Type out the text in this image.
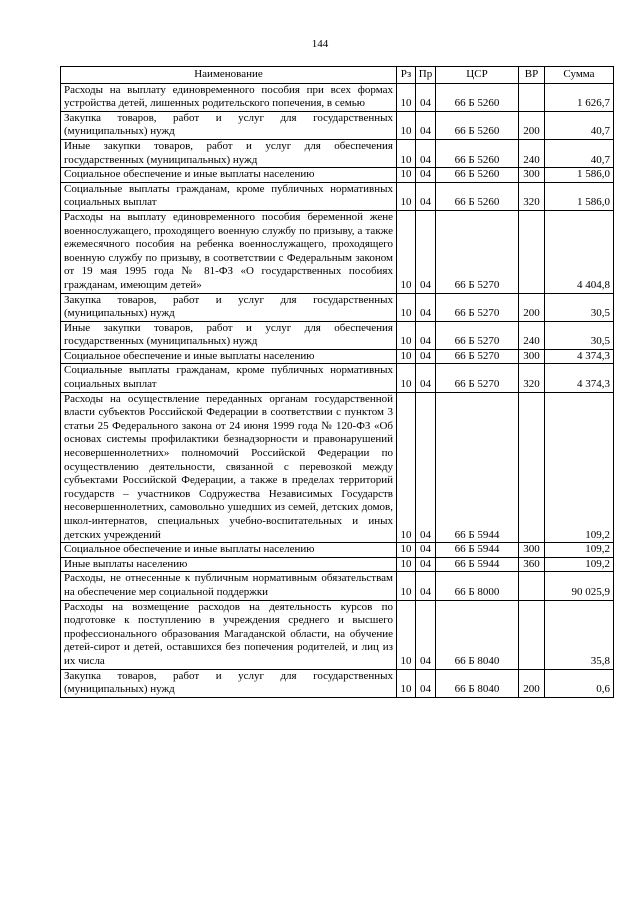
144
Наименование	Рз	Пр	ЦСР	ВР	Сумма
Расходы на выплату единовременного пособия при всех формах устройства детей, лишенных родительского попечения, в семью	10	04	66 Б 5260		1 626,7
Закупка товаров, работ и услуг для государственных (муниципальных) нужд	10	04	66 Б 5260	200	40,7
Иные закупки товаров, работ и услуг для обеспечения государственных (муниципальных) нужд	10	04	66 Б 5260	240	40,7
Социальное обеспечение и иные выплаты населению	10	04	66 Б 5260	300	1 586,0
Социальные выплаты гражданам, кроме публичных нормативных социальных выплат	10	04	66 Б 5260	320	1 586,0
Расходы на выплату единовременного пособия беременной жене военнослужащего, проходящего военную службу по призыву, а также ежемесячного пособия на ребенка военнослужащего, проходящего военную службу по призыву, в соответствии с Федеральным законом от 19 мая 1995 года № 81-ФЗ «О государственных пособиях гражданам, имеющим детей»	10	04	66 Б 5270		4 404,8
Закупка товаров, работ и услуг для государственных (муниципальных) нужд	10	04	66 Б 5270	200	30,5
Иные закупки товаров, работ и услуг для обеспечения государственных (муниципальных) нужд	10	04	66 Б 5270	240	30,5
Социальное обеспечение и иные выплаты населению	10	04	66 Б 5270	300	4 374,3
Социальные выплаты гражданам, кроме публичных нормативных социальных выплат	10	04	66 Б 5270	320	4 374,3
Расходы на осуществление переданных органам государственной власти субъектов Российской Федерации в соответствии с пунктом 3 статьи 25 Федерального закона от 24 июня 1999 года № 120-ФЗ «Об основах системы профилактики безнадзорности и правонарушений несовершеннолетних» полномочий Российской Федерации по осуществлению деятельности, связанной с перевозкой между субъектами Российской Федерации, а также в пределах территорий государств – участников Содружества Независимых Государств несовершеннолетних, самовольно ушедших из семей, детских домов, школ-интернатов, специальных учебно-воспитательных и иных детских учреждений	10	04	66 Б 5944		109,2
Социальное обеспечение и иные выплаты населению	10	04	66 Б 5944	300	109,2
Иные выплаты населению	10	04	66 Б 5944	360	109,2
Расходы, не отнесенные к публичным нормативным обязательствам на обеспечение мер социальной поддержки	10	04	66 Б 8000		90 025,9
Расходы на возмещение расходов на деятельность курсов по подготовке к поступлению в учреждения среднего и высшего профессионального образования Магаданской области, на обучение детей-сирот и детей, оставшихся без попечения родителей, и лиц из их числа	10	04	66 Б 8040		35,8
Закупка товаров, работ и услуг для государственных (муниципальных) нужд	10	04	66 Б 8040	200	0,6
